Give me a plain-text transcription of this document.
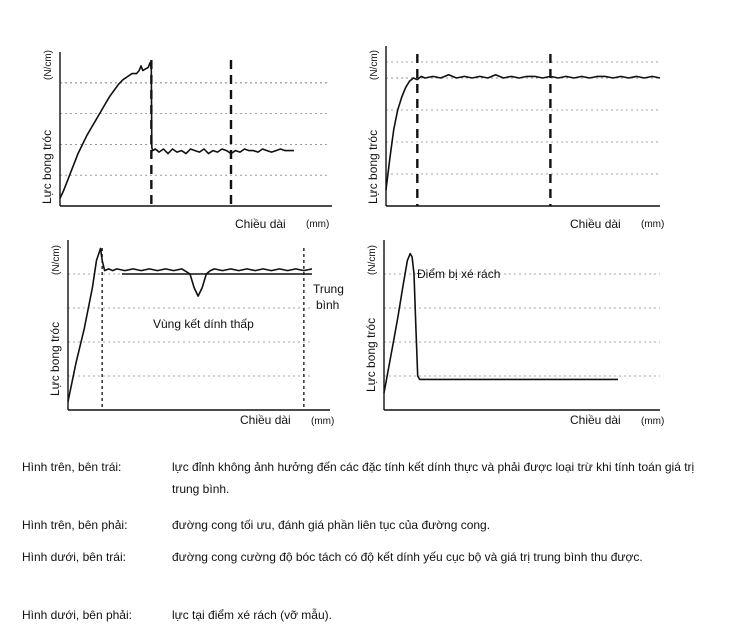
Lực bong tróc
(N/cm)
Chiều dài (mm)
Lực bong tróc
(N/cm)
Chiều dài (mm)
Trung
bình
Vùng kết dính thấp
Lực bong tróc
(N/cm)
Chiều dài (mm)
Điểm bị xé rách
Lực bong tróc
(N/cm)
Chiều dài (mm)
Hình trên, bên trái:	lực đỉnh không ảnh hưởng đến các đặc tính kết dính thực và phải được loại trừ khi tính toán giá trị trung bình.
Hình trên, bên phải:	đường cong tối ưu, đánh giá phần liên tục của đường cong.
Hình dưới, bên trái:	đường cong cường độ bóc tách có độ kết dính yếu cục bộ và giá trị trung bình thu được.
Hình dưới, bên phải:	lực tại điểm xé rách (vỡ mẫu).
